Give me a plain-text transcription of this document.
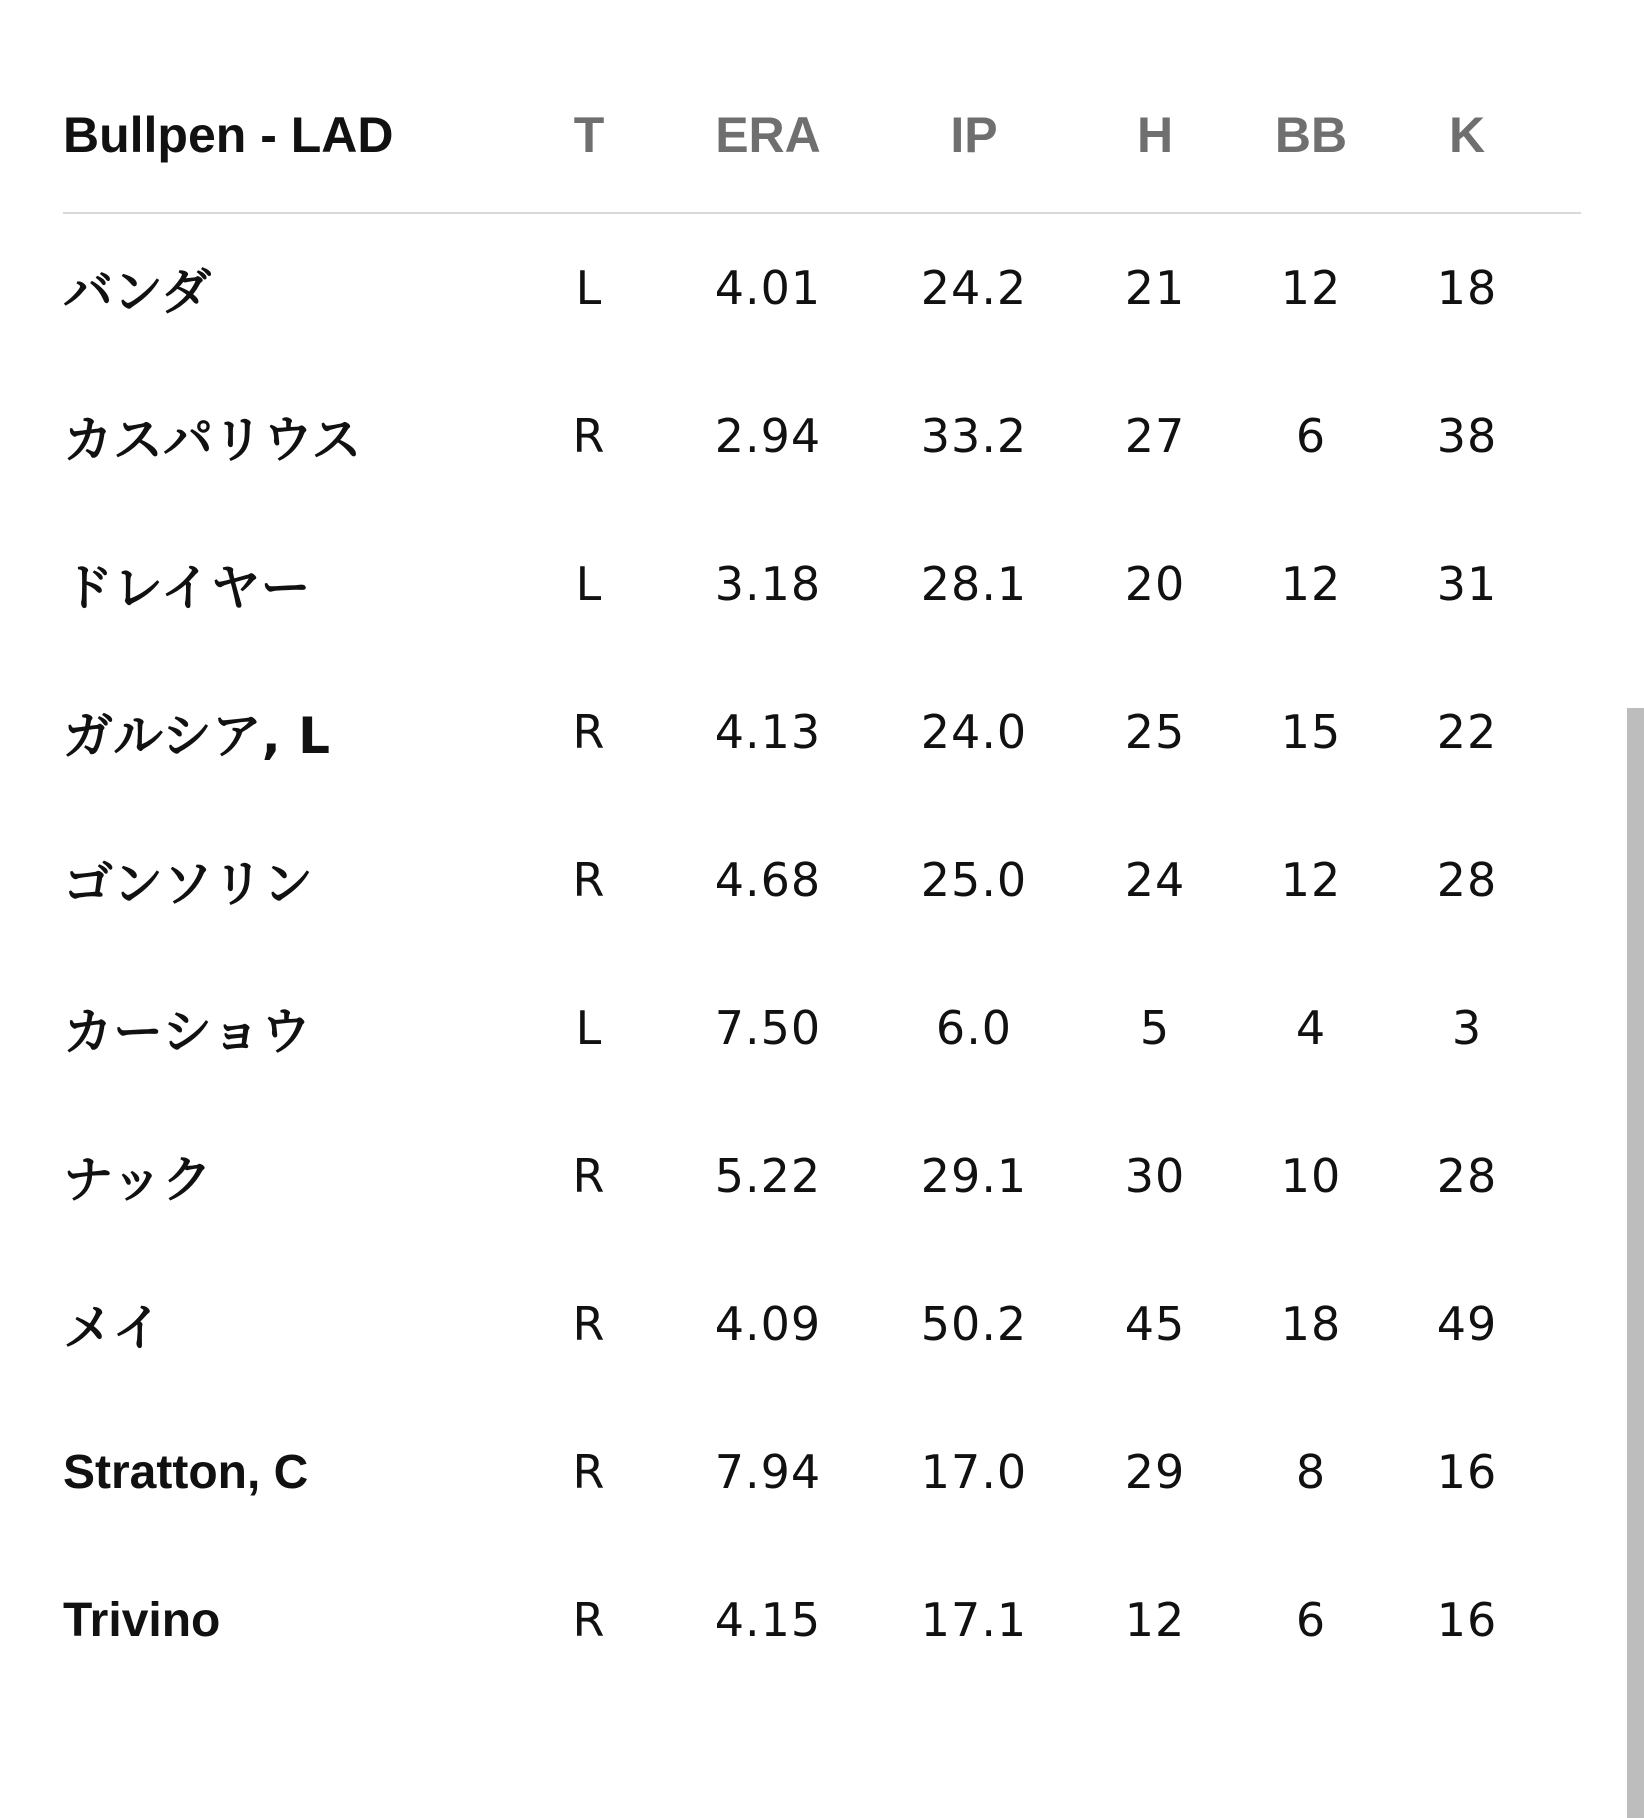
Bullpen - LAD	T	ERA	IP	H	BB	K
バンダ	L	4.01	24.2	21	12	18
カスパリウス	R	2.94	33.2	27	6	38
ドレイヤー	L	3.18	28.1	20	12	31
ガルシア, L	R	4.13	24.0	25	15	22
ゴンソリン	R	4.68	25.0	24	12	28
カーショウ	L	7.50	6.0	5	4	3
ナック	R	5.22	29.1	30	10	28
メイ	R	4.09	50.2	45	18	49
Stratton, C	R	7.94	17.0	29	8	16
Trivino	R	4.15	17.1	12	6	16
